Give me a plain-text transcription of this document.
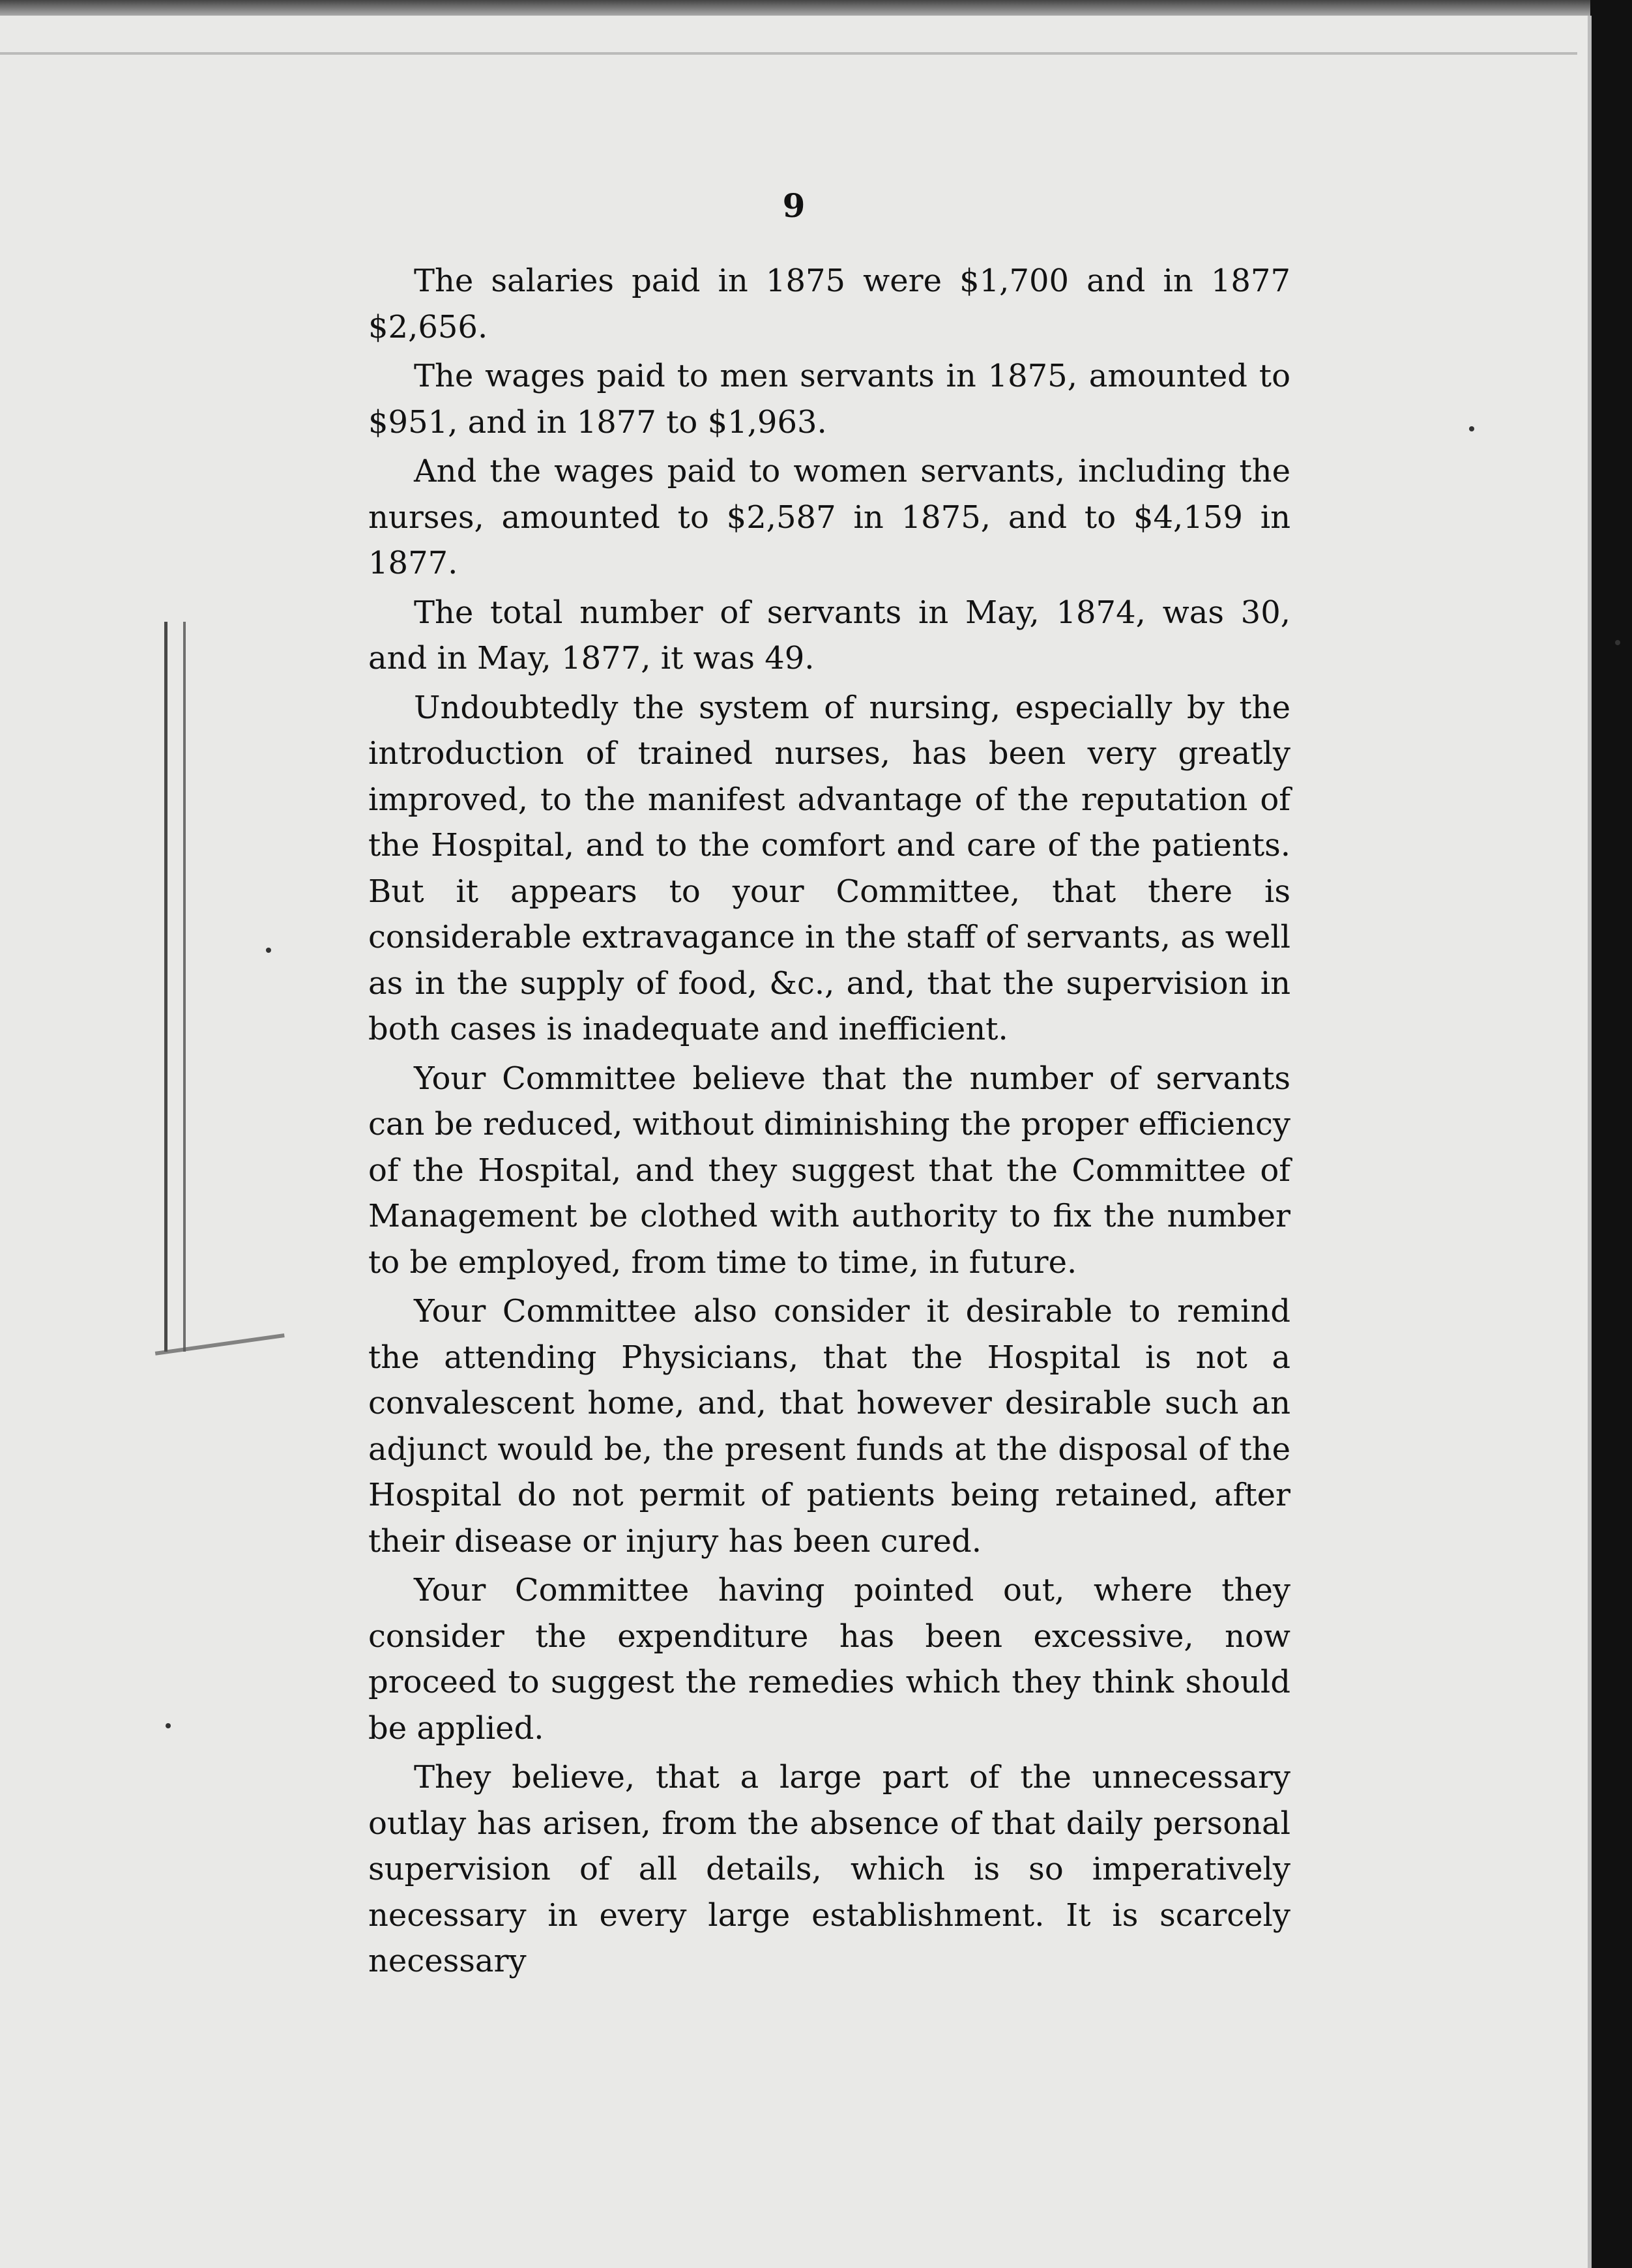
9

The salaries paid in 1875 were $1,700 and in 1877 $2,656.

The wages paid to men servants in 1875, amounted to $951, and in 1877 to $1,963.

And the wages paid to women servants, including the nurses, amounted to $2,587 in 1875, and to $4,159 in 1877.

The total number of servants in May, 1874, was 30, and in May, 1877, it was 49.

Undoubtedly the system of nursing, especially by the introduction of trained nurses, has been very greatly improved, to the manifest advantage of the reputation of the Hospital, and to the comfort and care of the patients. But it appears to your Committee, that there is considerable extravagance in the staff of servants, as well as in the supply of food, &c., and, that the supervision in both cases is inadequate and inefficient.

Your Committee believe that the number of servants can be reduced, without diminishing the proper efficiency of the Hospital, and they suggest that the Committee of Management be clothed with authority to fix the number to be employed, from time to time, in future.

Your Committee also consider it desirable to remind the attending Physicians, that the Hospital is not a convalescent home, and, that however desirable such an adjunct would be, the present funds at the disposal of the Hospital do not permit of patients being retained, after their disease or injury has been cured.

Your Committee having pointed out, where they consider the expenditure has been excessive, now proceed to suggest the remedies which they think should be applied.

They believe, that a large part of the unnecessary outlay has arisen, from the absence of that daily personal supervision of all details, which is so imperatively necessary in every large establishment. It is scarcely necessary
